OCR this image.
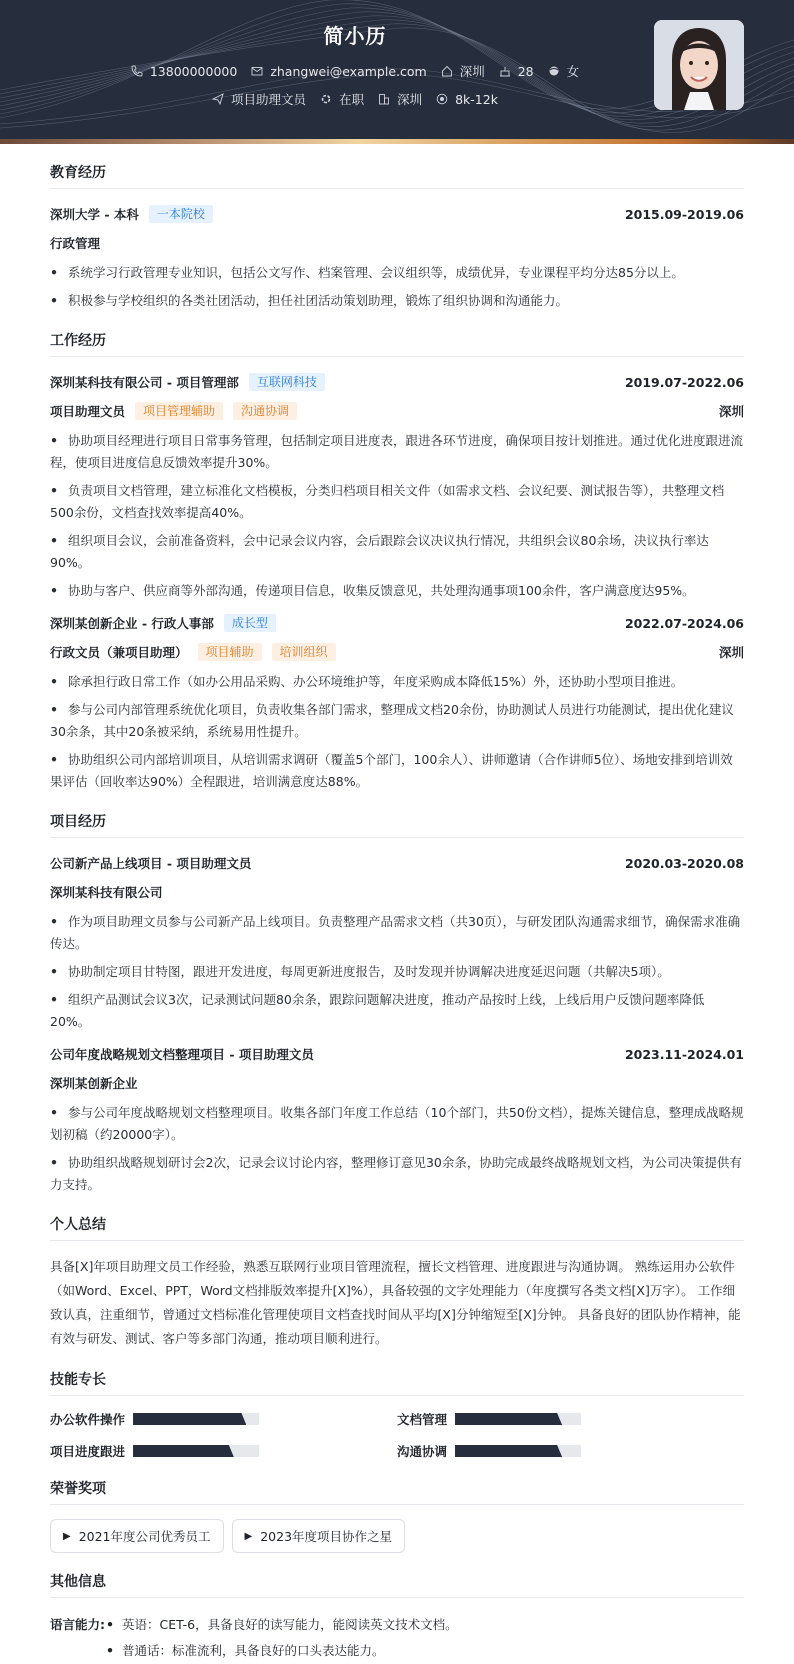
简小历
13800000000	zhangwei@example.com	深圳	28	女
项目助理文员	在职	深圳	8k-12k
教育经历
深圳大学 - 本科	一本院校	2015.09-2019.06
行政管理
• 系统学习行政管理专业知识，包括公文写作、档案管理、会议组织等，成绩优异，专业课程平均分达85分以上。
• 积极参与学校组织的各类社团活动，担任社团活动策划助理，锻炼了组织协调和沟通能力。
工作经历
深圳某科技有限公司 - 项目管理部	互联网科技	2019.07-2022.06
项目助理文员	项目管理辅助	沟通协调	深圳
• 协助项目经理进行项目日常事务管理，包括制定项目进度表，跟进各环节进度，确保项目按计划推进。通过优化进度跟进流程，使项目进度信息反馈效率提升30%。
• 负责项目文档管理，建立标准化文档模板，分类归档项目相关文件（如需求文档、会议纪要、测试报告等），共整理文档500余份，文档查找效率提高40%。
• 组织项目会议，会前准备资料，会中记录会议内容，会后跟踪会议决议执行情况，共组织会议80余场，决议执行率达90%。
• 协助与客户、供应商等外部沟通，传递项目信息，收集反馈意见，共处理沟通事项100余件，客户满意度达95%。
深圳某创新企业 - 行政人事部	成长型	2022.07-2024.06
行政文员（兼项目助理）	项目辅助	培训组织	深圳
• 除承担行政日常工作（如办公用品采购、办公环境维护等，年度采购成本降低15%）外，还协助小型项目推进。
• 参与公司内部管理系统优化项目，负责收集各部门需求，整理成文档20余份，协助测试人员进行功能测试，提出优化建议30余条，其中20条被采纳，系统易用性提升。
• 协助组织公司内部培训项目，从培训需求调研（覆盖5个部门，100余人）、讲师邀请（合作讲师5位）、场地安排到培训效果评估（回收率达90%）全程跟进，培训满意度达88%。
项目经历
公司新产品上线项目 - 项目助理文员	2020.03-2020.08
深圳某科技有限公司
• 作为项目助理文员参与公司新产品上线项目。负责整理产品需求文档（共30页），与研发团队沟通需求细节，确保需求准确传达。
• 协助制定项目甘特图，跟进开发进度，每周更新进度报告，及时发现并协调解决进度延迟问题（共解决5项）。
• 组织产品测试会议3次，记录测试问题80余条，跟踪问题解决进度，推动产品按时上线，上线后用户反馈问题率降低20%。
公司年度战略规划文档整理项目 - 项目助理文员	2023.11-2024.01
深圳某创新企业
• 参与公司年度战略规划文档整理项目。收集各部门年度工作总结（10个部门，共50份文档），提炼关键信息，整理成战略规划初稿（约20000字）。
• 协助组织战略规划研讨会2次，记录会议讨论内容，整理修订意见30余条，协助完成最终战略规划文档，为公司决策提供有力支持。
个人总结
具备[X]年项目助理文员工作经验，熟悉互联网行业项目管理流程，擅长文档管理、进度跟进与沟通协调。 熟练运用办公软件（如Word、Excel、PPT，Word文档排版效率提升[X]%），具备较强的文字处理能力（年度撰写各类文档[X]万字）。 工作细致认真，注重细节，曾通过文档标准化管理使项目文档查找时间从平均[X]分钟缩短至[X]分钟。 具备良好的团队协作精神，能有效与研发、测试、客户等多部门沟通，推动项目顺利进行。
技能专长
办公软件操作	文档管理
项目进度跟进	沟通协调
荣誉奖项
▶ 2021年度公司优秀员工	▶ 2023年度项目协作之星
其他信息
语言能力: • 英语：CET-6，具备良好的读写能力，能阅读英文技术文档。
• 普通话：标准流利，具备良好的口头表达能力。
